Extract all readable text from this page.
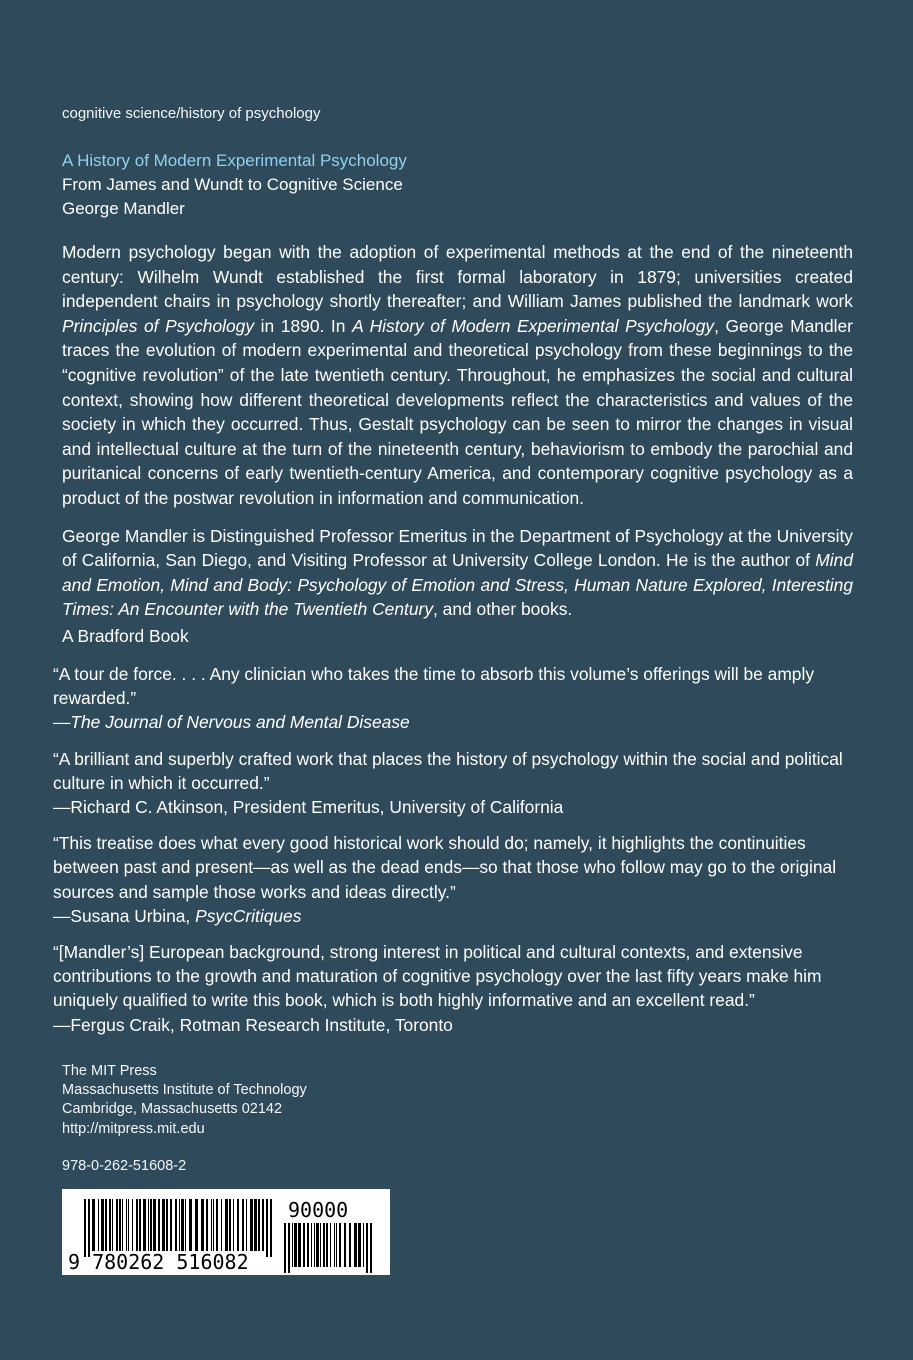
cognitive science/history of psychology
A History of Modern Experimental Psychology
From James and Wundt to Cognitive Science
George Mandler

Modern psychology began with the adoption of experimental methods at the end of the nineteenth century: Wilhelm Wundt established the first formal laboratory in 1879; universities created independent chairs in psychology shortly thereafter; and William James published the landmark work Principles of Psychology in 1890. In A History of Modern Experimental Psychology, George Mandler traces the evolution of modern experimental and theoretical psychology from these beginnings to the “cognitive revolution” of the late twentieth century. Throughout, he emphasizes the social and cultural context, showing how different theoretical developments reflect the characteristics and values of the society in which they occurred. Thus, Gestalt psychology can be seen to mirror the changes in visual and intellectual culture at the turn of the nineteenth century, behaviorism to embody the parochial and puritanical concerns of early twentieth-century America, and contemporary cognitive psychology as a product of the postwar revolution in information and communication.

George Mandler is Distinguished Professor Emeritus in the Department of Psychology at the University of California, San Diego, and Visiting Professor at University College London. He is the author of Mind and Emotion, Mind and Body: Psychology of Emotion and Stress, Human Nature Explored, Interesting Times: An Encounter with the Twentieth Century, and other books.

A Bradford Book
“A tour de force. . . . Any clinician who takes the time to absorb this volume’s offerings will be amply rewarded.”
—The Journal of Nervous and Mental Disease
“A brilliant and superbly crafted work that places the history of psychology within the social and political culture in which it occurred.”
—Richard C. Atkinson, President Emeritus, University of California
“This treatise does what every good historical work should do; namely, it highlights the continuities between past and present—as well as the dead ends—so that those who follow may go to the original sources and sample those works and ideas directly.”
—Susana Urbina, PsycCritiques
“[Mandler’s] European background, strong interest in political and cultural contexts, and extensive contributions to the growth and maturation of cognitive psychology over the last fifty years make him uniquely qualified to write this book, which is both highly informative and an excellent read.”
—Fergus Craik, Rotman Research Institute, Toronto
The MIT Press
Massachusetts Institute of Technology
Cambridge, Massachusetts 02142
http://mitpress.mit.edu
978-0-262-51608-2
9 780262 516082
90000
